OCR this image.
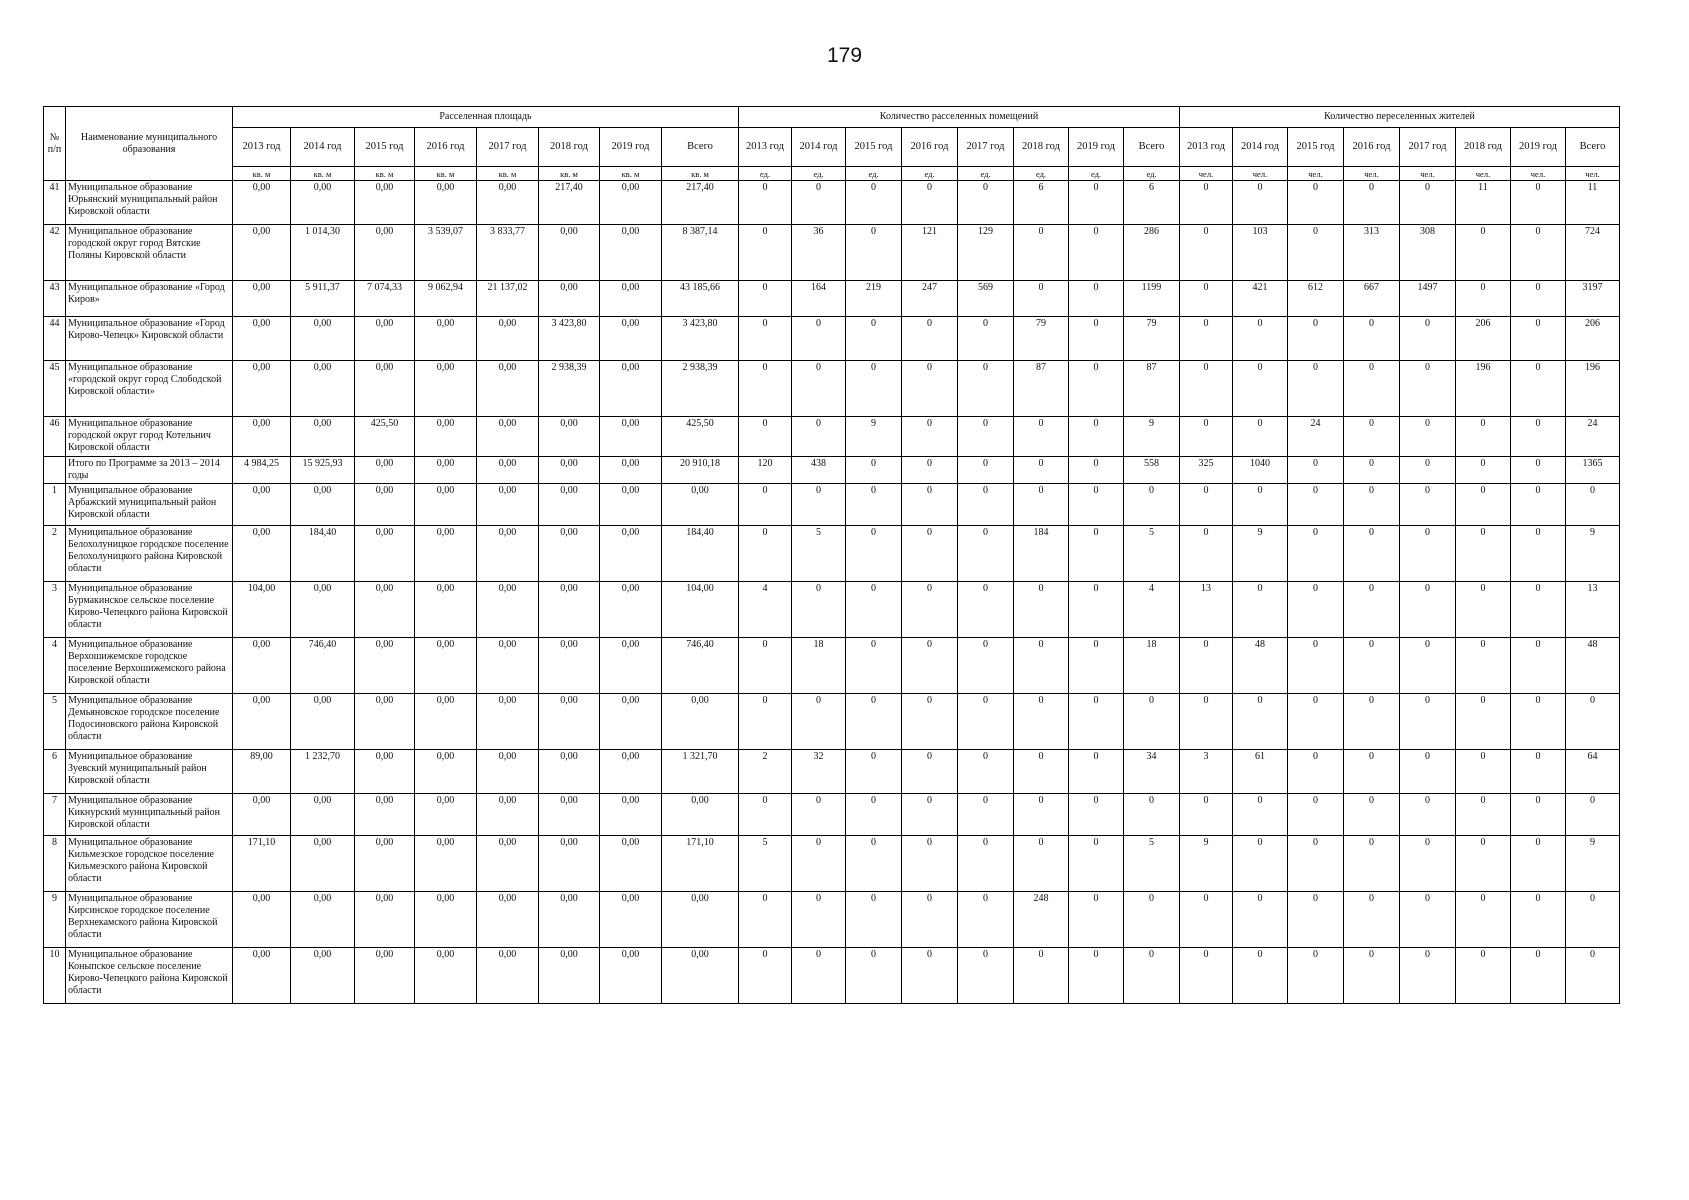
179
№ п/п	Наименование муниципального образования	Расселенная площадь								Количество расселенных помещений								Количество переселенных жителей							
		2013 год	2014 год	2015 год	2016 год	2017 год	2018 год	2019 год	Всего	2013 год	2014 год	2015 год	2016 год	2017 год	2018 год	2019 год	Всего	2013 год	2014 год	2015 год	2016 год	2017 год	2018 год	2019 год	Всего
		кв. м	кв. м	кв. м	кв. м	кв. м	кв. м	кв. м	кв. м	ед.	ед.	ед.	ед.	ед.	ед.	ед.	ед.	чел.	чел.	чел.	чел.	чел.	чел.	чел.	чел.
41	Муниципальное образование Юрьянский муниципальный район Кировской области	0,00	0,00	0,00	0,00	0,00	217,40	0,00	217,40	0	0	0	0	0	6	0	6	0	0	0	0	0	11	0	11
42	Муниципальное образование городской округ город Вятские Поляны Кировской области	0,00	1 014,30	0,00	3 539,07	3 833,77	0,00	0,00	8 387,14	0	36	0	121	129	0	0	286	0	103	0	313	308	0	0	724
43	Муниципальное образование «Город Киров»	0,00	5 911,37	7 074,33	9 062,94	21 137,02	0,00	0,00	43 185,66	0	164	219	247	569	0	0	1199	0	421	612	667	1497	0	0	3197
44	Муниципальное образование «Город Кирово-Чепецк» Кировской области	0,00	0,00	0,00	0,00	0,00	3 423,80	0,00	3 423,80	0	0	0	0	0	79	0	79	0	0	0	0	0	206	0	206
45	Муниципальное образование «городской округ город Слободской Кировской области»	0,00	0,00	0,00	0,00	0,00	2 938,39	0,00	2 938,39	0	0	0	0	0	87	0	87	0	0	0	0	0	196	0	196
46	Муниципальное образование городской округ город Котельнич Кировской области	0,00	0,00	425,50	0,00	0,00	0,00	0,00	425,50	0	0	9	0	0	0	0	9	0	0	24	0	0	0	0	24
	Итого по Программе за 2013 – 2014 годы	4 984,25	15 925,93	0,00	0,00	0,00	0,00	0,00	20 910,18	120	438	0	0	0	0	0	558	325	1040	0	0	0	0	0	1365
1	Муниципальное образование Арбажский муниципальный район Кировской области	0,00	0,00	0,00	0,00	0,00	0,00	0,00	0,00	0	0	0	0	0	0	0	0	0	0	0	0	0	0	0	0
2	Муниципальное образование Белохолуницкое городское поселение Белохолуницкого района Кировской области	0,00	184,40	0,00	0,00	0,00	0,00	0,00	184,40	0	5	0	0	0	184	0	5	0	9	0	0	0	0	0	9
3	Муниципальное образование Бурмакинское сельское поселение Кирово-Чепецкого района Кировской области	104,00	0,00	0,00	0,00	0,00	0,00	0,00	104,00	4	0	0	0	0	0	0	4	13	0	0	0	0	0	0	13
4	Муниципальное образование Верхошижемское городское поселение Верхошижемского района Кировской области	0,00	746,40	0,00	0,00	0,00	0,00	0,00	746,40	0	18	0	0	0	0	0	18	0	48	0	0	0	0	0	48
5	Муниципальное образование Демьяновское городское поселение Подосиновского района Кировской области	0,00	0,00	0,00	0,00	0,00	0,00	0,00	0,00	0	0	0	0	0	0	0	0	0	0	0	0	0	0	0	0
6	Муниципальное образование Зуевский муниципальный район Кировской области	89,00	1 232,70	0,00	0,00	0,00	0,00	0,00	1 321,70	2	32	0	0	0	0	0	34	3	61	0	0	0	0	0	64
7	Муниципальное образование Кикнурский муниципальный район Кировской области	0,00	0,00	0,00	0,00	0,00	0,00	0,00	0,00	0	0	0	0	0	0	0	0	0	0	0	0	0	0	0	0
8	Муниципальное образование Кильмезское городское поселение Кильмезского района Кировской области	171,10	0,00	0,00	0,00	0,00	0,00	0,00	171,10	5	0	0	0	0	0	0	5	9	0	0	0	0	0	0	9
9	Муниципальное образование Кирсинское городское поселение Верхнекамского района Кировской области	0,00	0,00	0,00	0,00	0,00	0,00	0,00	0,00	0	0	0	0	0	248	0	0	0	0	0	0	0	0	0	0
10	Муниципальное образование Коныпское сельское поселение Кирово-Чепецкого района Кировской области	0,00	0,00	0,00	0,00	0,00	0,00	0,00	0,00	0	0	0	0	0	0	0	0	0	0	0	0	0	0	0	0
